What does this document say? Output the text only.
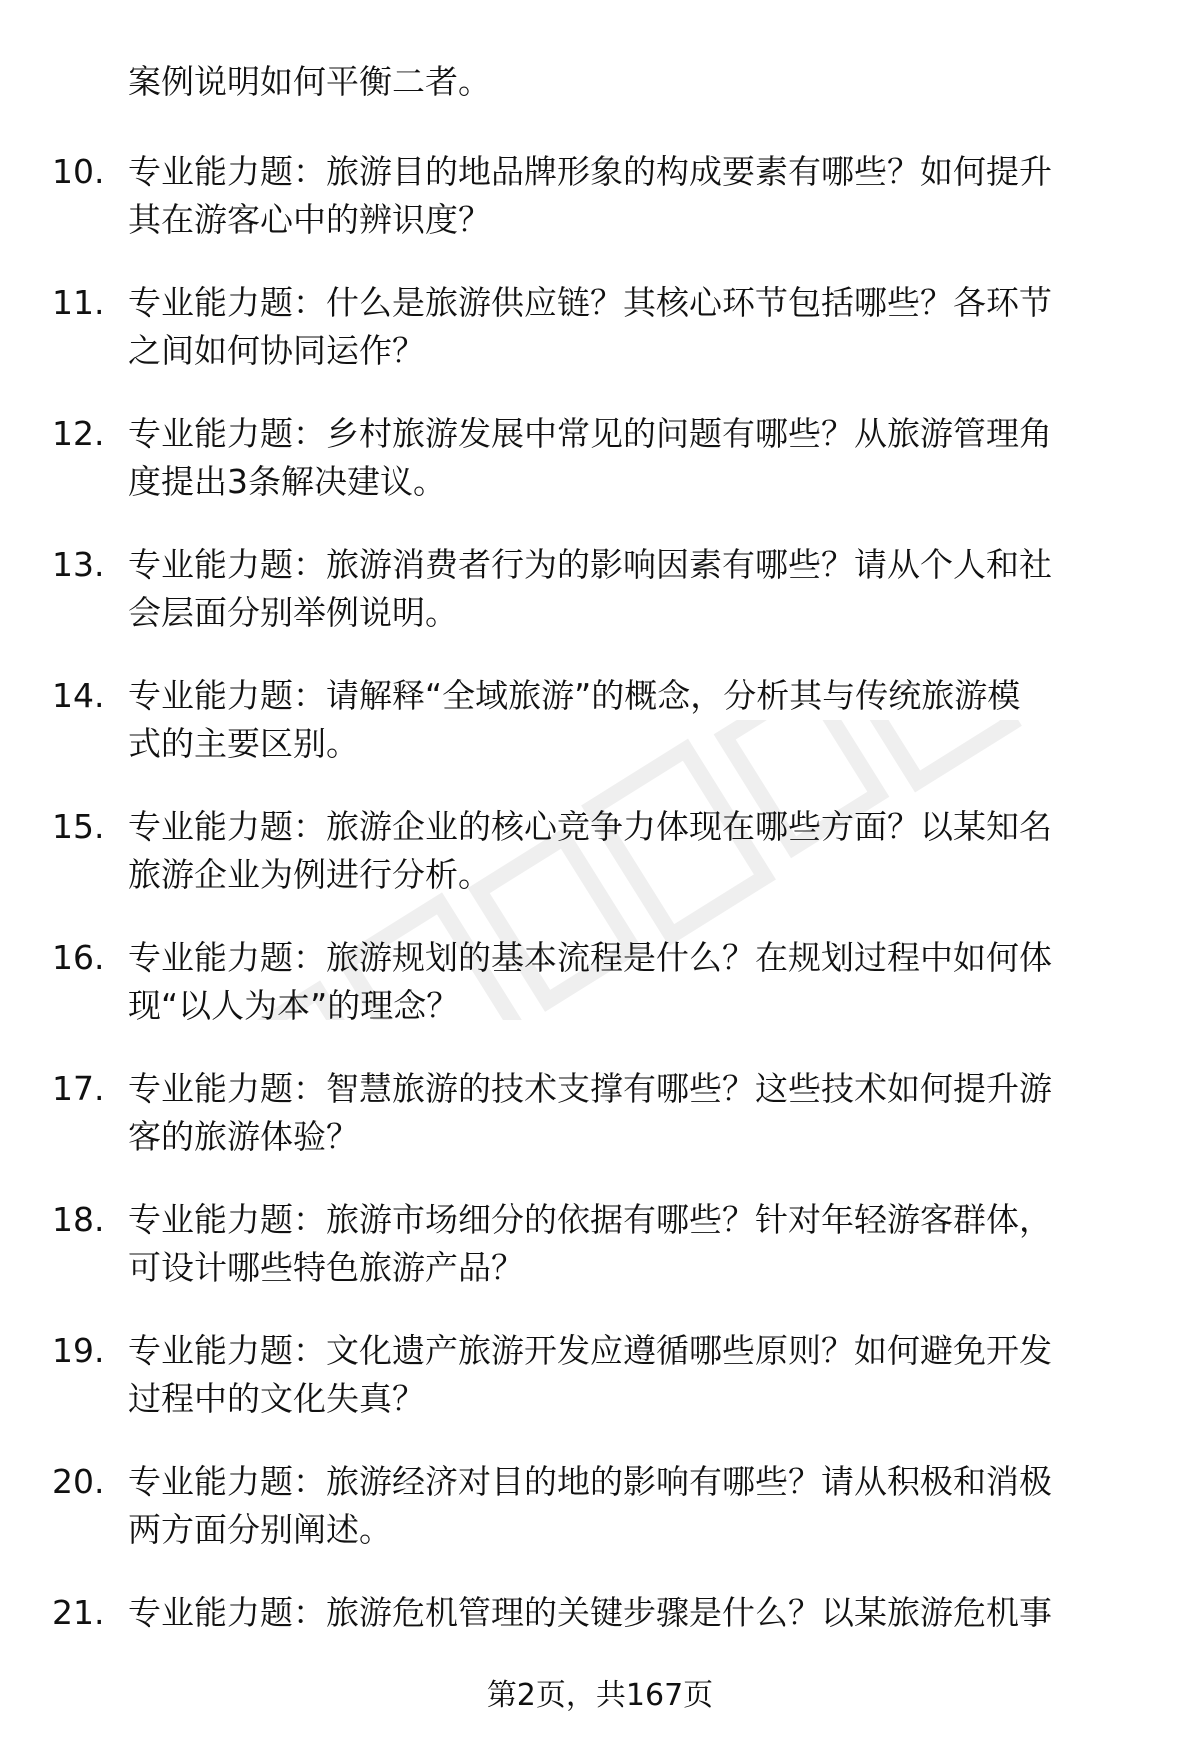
案例说明如何平衡二者。
10. 专业能力题：旅游目的地品牌形象的构成要素有哪些？如何提升
其在游客心中的辨识度？
11. 专业能力题：什么是旅游供应链？其核心环节包括哪些？各环节
之间如何协同运作？
12. 专业能力题：乡村旅游发展中常见的问题有哪些？从旅游管理角
度提出3条解决建议。
13. 专业能力题：旅游消费者行为的影响因素有哪些？请从个人和社
会层面分别举例说明。
14. 专业能力题：请解释“全域旅游”的概念，分析其与传统旅游模
式的主要区别。
15. 专业能力题：旅游企业的核心竞争力体现在哪些方面？以某知名
旅游企业为例进行分析。
16. 专业能力题：旅游规划的基本流程是什么？在规划过程中如何体
现“以人为本”的理念？
17. 专业能力题：智慧旅游的技术支撑有哪些？这些技术如何提升游
客的旅游体验？
18. 专业能力题：旅游市场细分的依据有哪些？针对年轻游客群体，
可设计哪些特色旅游产品？
19. 专业能力题：文化遗产旅游开发应遵循哪些原则？如何避免开发
过程中的文化失真？
20. 专业能力题：旅游经济对目的地的影响有哪些？请从积极和消极
两方面分别阐述。
21. 专业能力题：旅游危机管理的关键步骤是什么？以某旅游危机事
第2页，共167页
